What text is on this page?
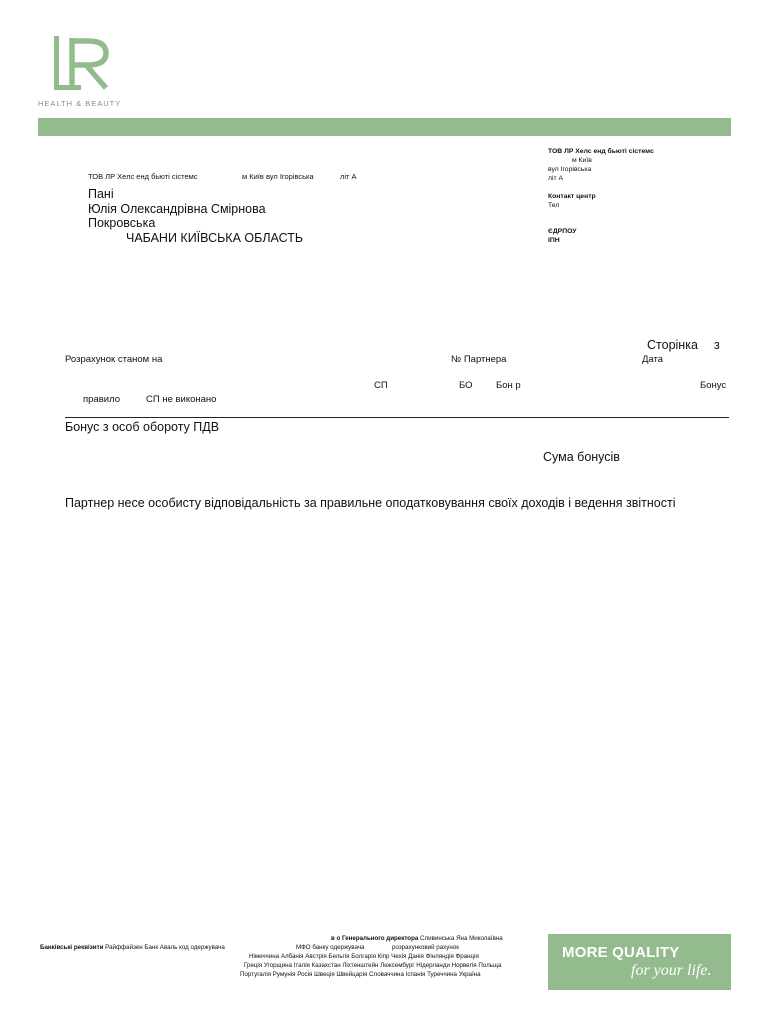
HEALTH & BEAUTY
ТОВ ЛР Хелс енд бьюті сістемс	м Київ вул Ігорівська	літ А
Пані
Юлія Олександрівна Смірнова
Покровська
ЧАБАНИ КИЇВСЬКА ОБЛАСТЬ
ТОВ ЛР Хелс енд бьюті сістемс
м Київ
вул Ігорівська
літ А
Контакт центр
Тел
ЄДРПОУ
ІПН
Сторінка з
Розрахунок станом на	№ Партнера	Дата
СП	БО Бон р	Бонус
правило	СП не виконано
Бонус з особ обороту ПДВ
Сума бонусів
Партнер несе особисту відповідальність за правильне оподатковування своїх доходів і ведення звітності
в о Генерального директора Сливинська Яна Миколаївна
Банківські реквізити Райффайзен Банк Аваль код одержувача	МФО банку одержувача	розрахунковий рахунок
Німеччина Албанія Австрія Бельгія Болгарія Кіпр Чехія Данія Фінляндія Франція
Греція Угорщина Італія Казахстан Ліхтенштейн Люксембург Нідерланди Норвегія Польща
Португалія Румунія Росія Швеція Швейцарія Словаччина Іспанія Туреччина Україна
MORE QUALITY
for your life.
